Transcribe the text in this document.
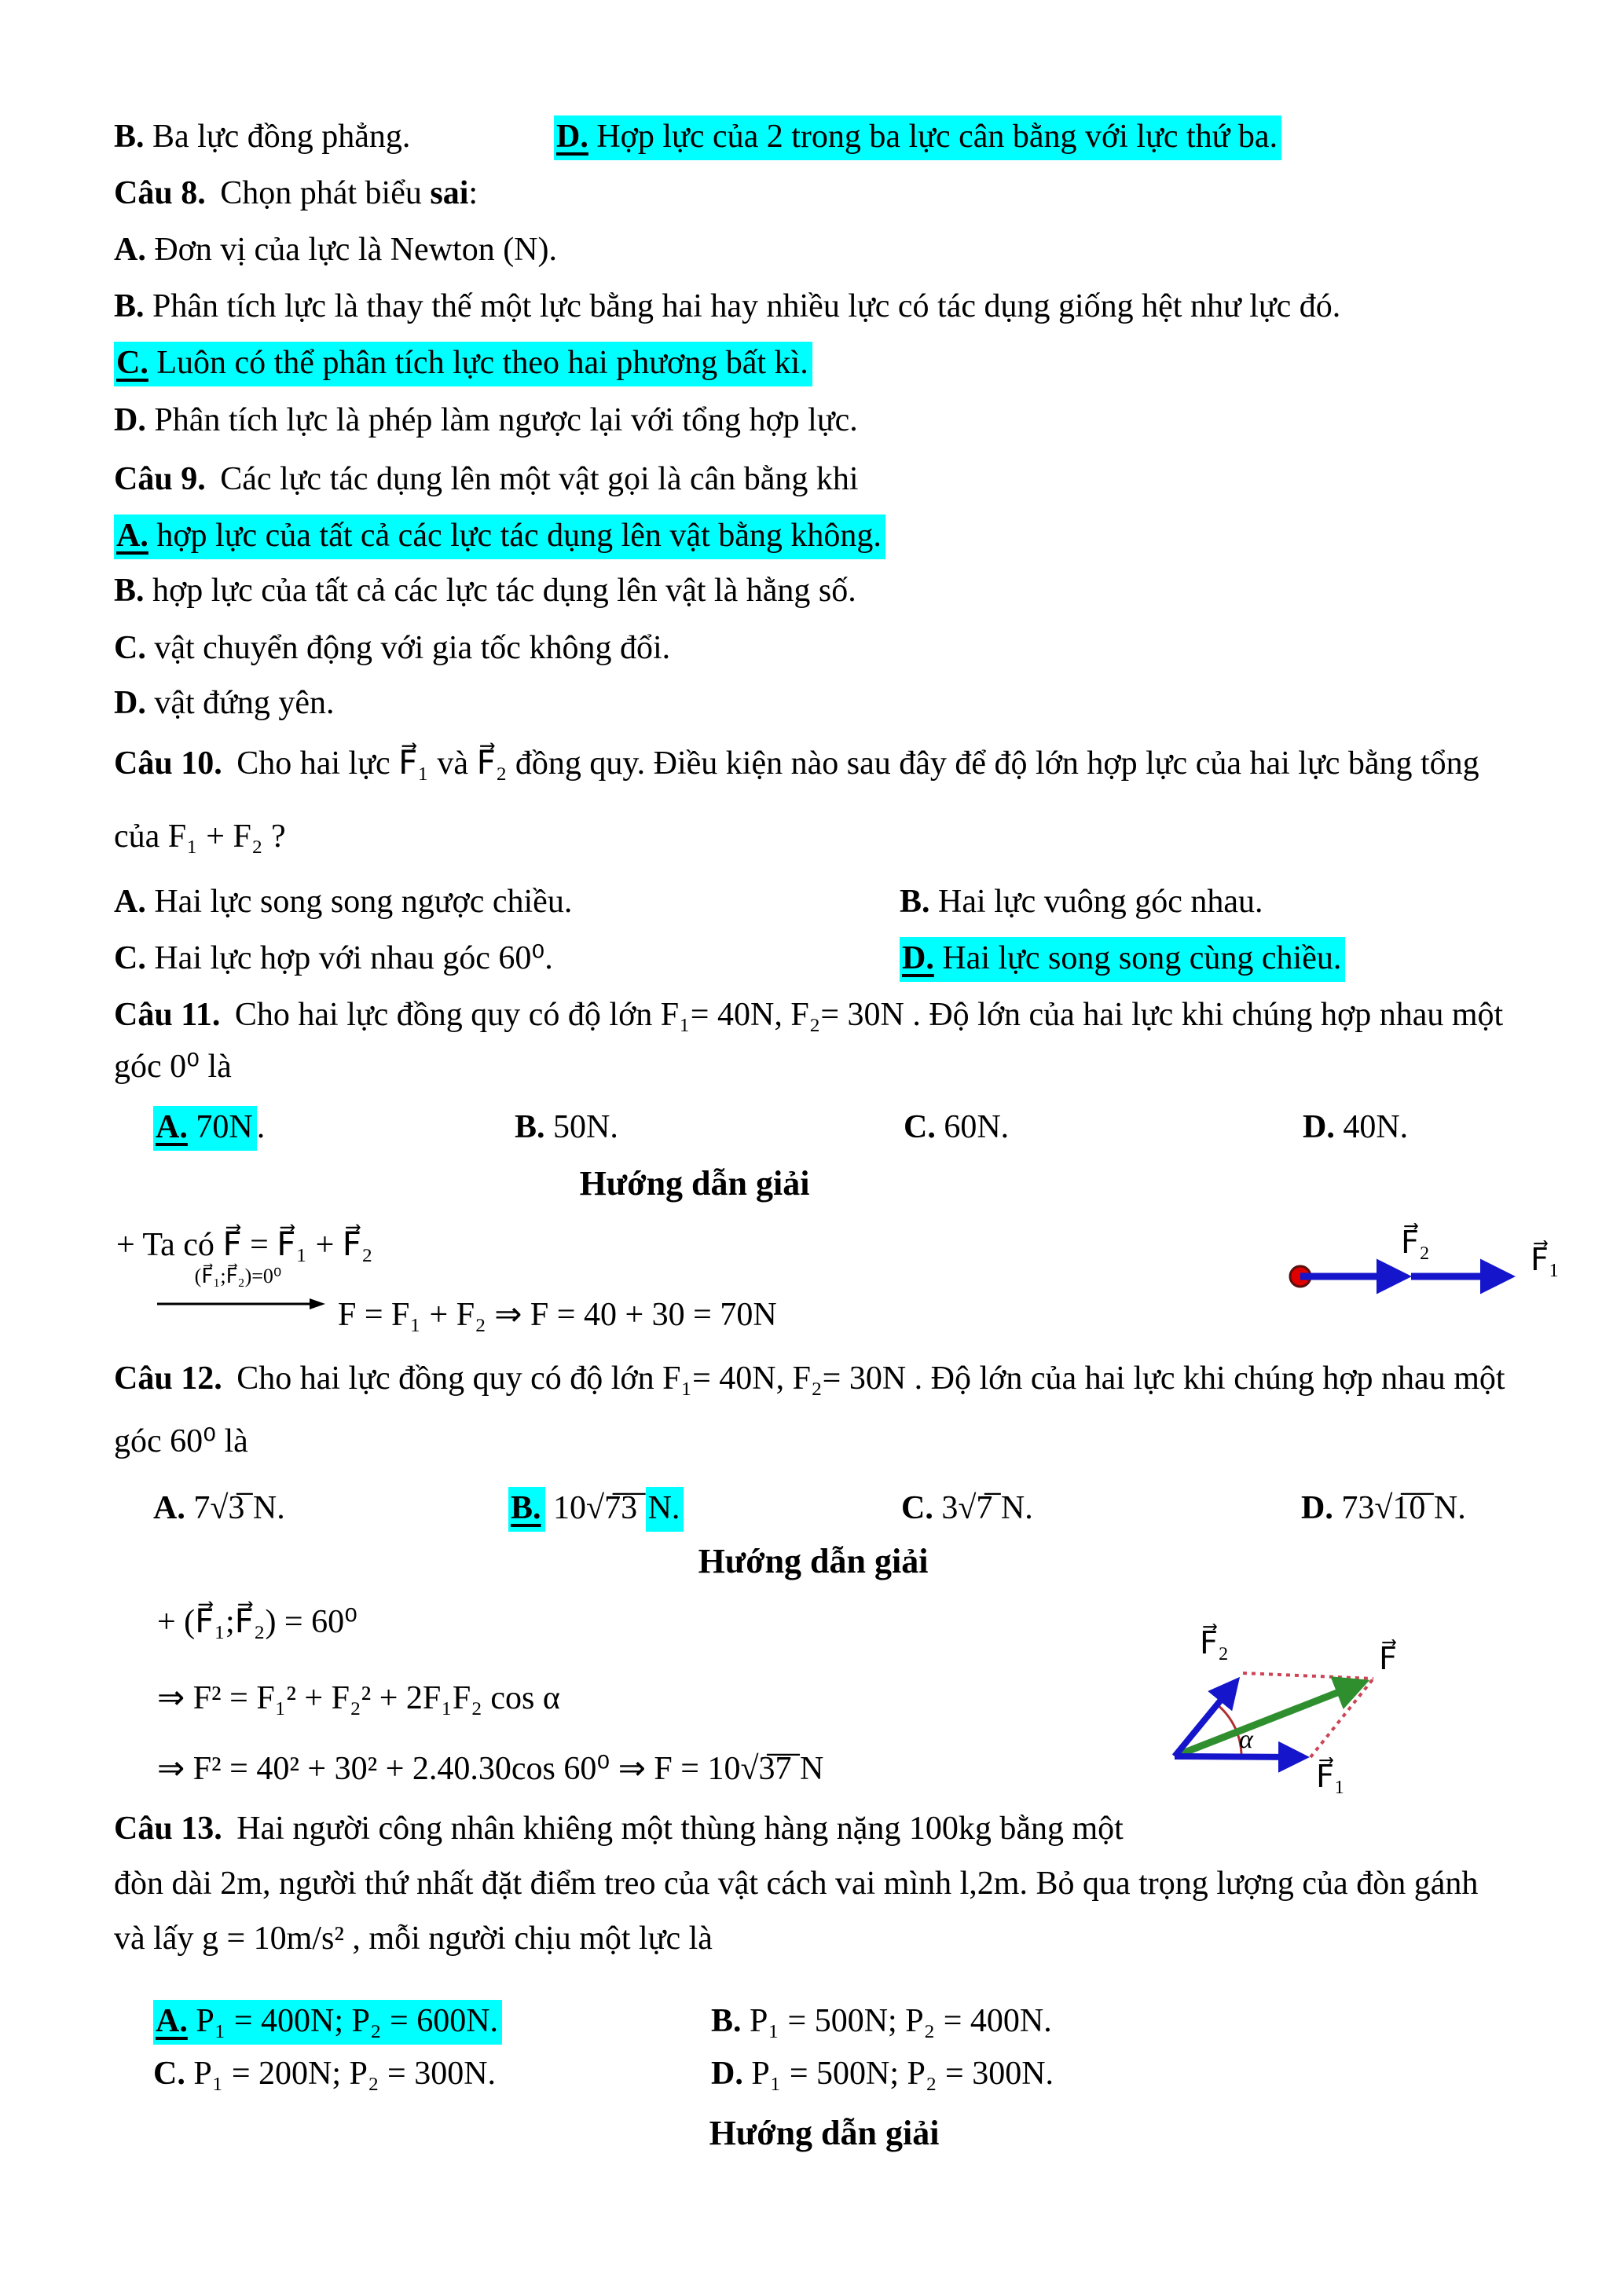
B. Ba lực đồng phẳng.	D. Hợp lực của 2 trong ba lực cân bằng với lực thứ ba.
Câu 8. Chọn phát biểu sai:
A. Đơn vị của lực là Newton (N).
B. Phân tích lực là thay thế một lực bằng hai hay nhiều lực có tác dụng giống hệt như lực đó.
C. Luôn có thể phân tích lực theo hai phương bất kì.
D. Phân tích lực là phép làm ngược lại với tổng hợp lực.
Câu 9. Các lực tác dụng lên một vật gọi là cân bằng khi
A. hợp lực của tất cả các lực tác dụng lên vật bằng không.
B. hợp lực của tất cả các lực tác dụng lên vật là hằng số.
C. vật chuyển động với gia tốc không đổi.
D. vật đứng yên.
Câu 10. Cho hai lực F⃗₁ và F⃗₂ đồng quy. Điều kiện nào sau đây để độ lớn hợp lực của hai lực bằng tổng
của F₁ + F₂ ?
A. Hai lực song song ngược chiều.	B. Hai lực vuông góc nhau.
C. Hai lực hợp với nhau góc 60⁰.	D. Hai lực song song cùng chiều.
Câu 11. Cho hai lực đồng quy có độ lớn F₁= 40N, F₂= 30N . Độ lớn của hai lực khi chúng hợp nhau một
góc 0⁰ là
A. 70N .	B. 50N.	C. 60N.	D. 40N.
Hướng dẫn giải
+ Ta có F⃗ = F⃗₁ + F⃗₂
(F⃗₁;F⃗₂)=0⁰
F = F₁ + F₂ ⇒ F = 40 + 30 = 70N
F⃗₂	F⃗₁
Câu 12. Cho hai lực đồng quy có độ lớn F₁= 40N, F₂= 30N . Độ lớn của hai lực khi chúng hợp nhau một
góc 60⁰ là
A. 7√3̅ N.	B. 10√7̅3̅ N.	C. 3√7̅ N.	D. 73√1̅0̅ N.
Hướng dẫn giải
+ (F⃗₁;F⃗₂) = 60⁰
⇒ F² = F₁² + F₂² + 2F₁F₂ cos α
⇒ F² = 40² + 30² + 2.40.30cos 60⁰ ⇒ F = 10√3̅7̅ N
F⃗₂	F⃗
F⃗₁
α
Câu 13. Hai người công nhân khiêng một thùng hàng nặng 100kg bằng một
đòn dài 2m, người thứ nhất đặt điểm treo của vật cách vai mình l,2m. Bỏ qua trọng lượng của đòn gánh
và lấy g = 10m/s² , mỗi người chịu một lực là
A. P₁ = 400N; P₂ = 600N.	B. P₁ = 500N; P₂ = 400N.
C. P₁ = 200N; P₂ = 300N.	D. P₁ = 500N; P₂ = 300N.
Hướng dẫn giải
